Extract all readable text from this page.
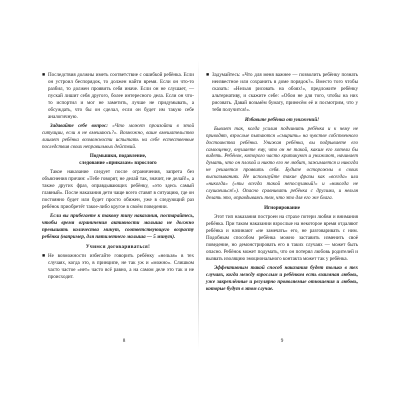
■ Последствия должны иметь соответствие с ошибкой ребёнка. Если он устроил беспорядок, то должен найти время. Если он что-то разбил, то должен проявить себя иначе. Если он не слушает, — пускай лишит себя другого, более интересного дела. Если он что-то испортил и мог не заметить, лучше не придумывать, а обсуждать, что бы он сделал, если он будет им такую себе аналогичную.

Задавайте себе вопрос: «Что может произойти в этой ситуации, если я не вмешаюсь?». Возможно, ваше вмешательство лишает ребёнка возможности испытать на себе естественные последствия своих неправильных действий.

Подмышки, подавление,
следование «приказам» взрослого

Такое наказание следует после ограничения, запрета без объяснения причин: «Тебе говорят, не делай так, значит, не делай!», а также других фраз, оправдывающих ребёнку, «это здесь самый главный». После наказания дети чаще всего ставят в ситуацию, где он постоянно будет или будет просто обижен, уже в следующий раз ребёнок приобретёт такое-либо кругое в своём поведении.

Если вы прибегаете к такому типу наказания, постарайтесь, чтобы время ограничения активности малыша не должно превышать количества минут, соответствующего возрасту ребёнка (например, для пятилетнего малыша — 5 минут).

Учимся договариваться!

■ Не возможности избегайте говорить ребёнку «нельзя» в тех случаях, когда это, в принципе, не так уж и «можно». Слишком часто частое «нет» часто всё равно, а на самом деле это так и не происходит.

■ Задумайтесь: «Что для меня важнее — позволить ребёнку познать неизвестное или сохранить в доме порядок?». Вместо того чтобы сказать: «Нельзя рисовать на обоях!», предложите ребёнку альтернативу, и скажите себе: «Обои не для того, чтобы на них рисовать. Давай возьмём бумагу, принесём её и посмотрим, что у тебя получится!».

Избавьте ребёнка от унижений!

Бывает так, когда усилия подчинить ребёнка и к чему не приводят, взрослые пытаются «смирить» на чувстве собственного достоинства ребёнка. Унижая ребёнка, вы подрываете его самооценку, внушаете ему, что он не такой, каким его хотели бы видеть. Ребёнок, которого часто критикуют и унижают, начинает думать, что он плохой и никто его не любит, зажимается и никогда не решается проявить себя. Будьте осторожны в своих высказываниях. Не используйте такие фразы как «всегда» или «никогда» («ты всегда такой непослушный!» и «никогда не слушаешься!»). Опасно сравнивать ребёнка с другими, и нельзя делать это, оправдываясь тем, что это для его же блага.

Игнорирование

Этот тип наказания построен на страхе потери любви и внимания ребёнка. При таком наказании взрослые на некоторое время отдаляют ребёнка и начинают «не замечать» его, не разговаривать с ним. Подобным способом ребёнка можно заставить изменить своё поведение, но демонстрировать его в таких случаях — может быть опасно. Ребёнок может подумать, что он потерял любовь родителей и вызвать изоляцию эмоционального контакта может так у ребёнка.

Эффективным такой способ наказания будет только в тех случаях, когда между взрослым и ребёнком есть взаимная любовь, уже закреплённые и регулярно проявляемые отношения и любовь, которые будут в этом случае.

8	9
